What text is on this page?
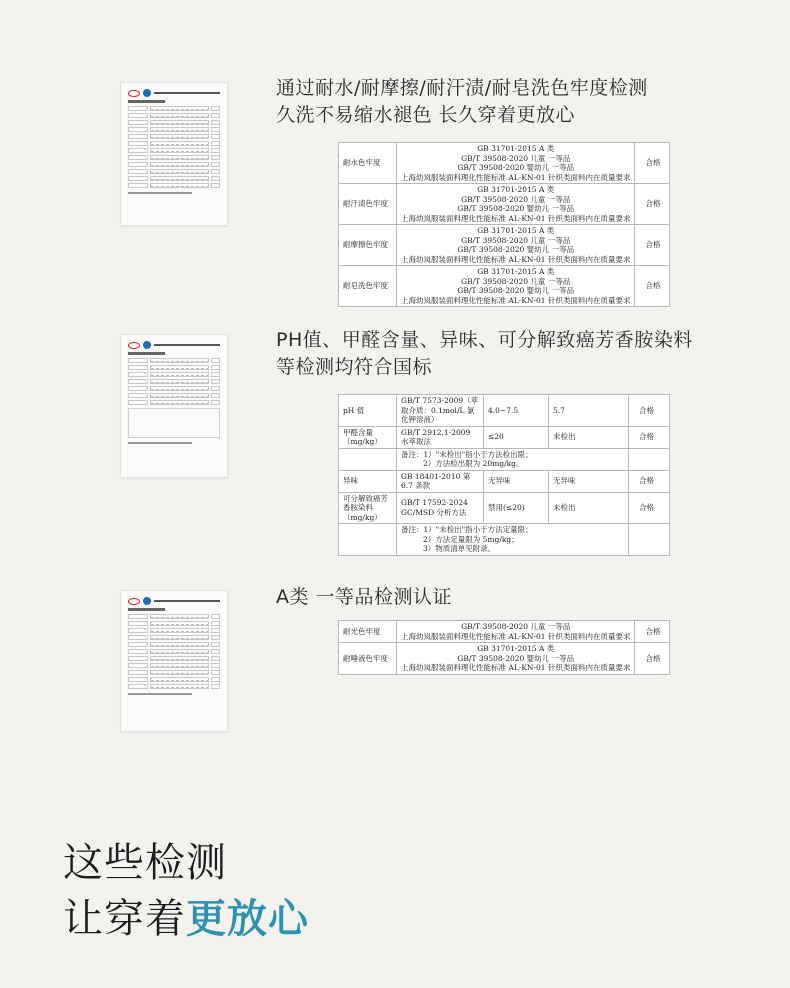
通过耐水/耐摩擦/耐汗渍/耐皂洗色牢度检测
久洗不易缩水褪色 长久穿着更放心
耐水色牢度	GB 31701-2015 A 类
GB/T 39508-2020 儿童 一等品
GB/T 39508-2020 婴幼儿 一等品
上海幼岚服装面料理化性能标准 AL-KN-01 针织类面料内在质量要求	合格
耐汗渍色牢度	GB 31701-2015 A 类
GB/T 39508-2020 儿童 一等品
GB/T 39508-2020 婴幼儿 一等品
上海幼岚服装面料理化性能标准 AL-KN-01 针织类面料内在质量要求	合格
耐摩擦色牢度	GB 31701-2015 A 类
GB/T 39508-2020 儿童 一等品
GB/T 39508-2020 婴幼儿 一等品
上海幼岚服装面料理化性能标准 AL-KN-01 针织类面料内在质量要求	合格
耐皂洗色牢度	GB 31701-2015 A 类
GB/T 39508-2020 儿童 一等品
GB/T 39508-2020 婴幼儿 一等品
上海幼岚服装面料理化性能标准 AL-KN-01 针织类面料内在质量要求	合格
PH值、甲醛含量、异味、可分解致癌芳香胺染料
等检测均符合国标
pH 值	GB/T 7573-2009（萃取介质：0.1mol/L 氯化钾溶液）	4.0~7.5	5.7	合格
甲醛含量（mg/kg）	GB/T 2912.1-2009 水萃取法	≤20	未检出	合格

	备注：1）"未检出"指小于方法检出限；
2）方法检出限为 20mg/kg。			

异味	GB 18401-2010 第 6.7 条款	无异味	无异味	合格
可分解致癌芳香胺染料（mg/kg）	GB/T 17592-2024 GC/MSD 分析方法	禁用(≤20)	未检出	合格

	备注：1）"未检出"指小于方法定量限；
2）方法定量限为 5mg/kg；
3）物质清单见附录。			

A类 一等品检测认证
耐光色牢度	GB/T 39508-2020 儿童 一等品
上海幼岚服装面料理化性能标准 AL-KN-01 针织类面料内在质量要求	合格
耐唾液色牢度	GB 31701-2015 A 类
GB/T 39508-2020 婴幼儿 一等品
上海幼岚服装面料理化性能标准 AL-KN-01 针织类面料内在质量要求	合格
这些检测
让穿着更放心
